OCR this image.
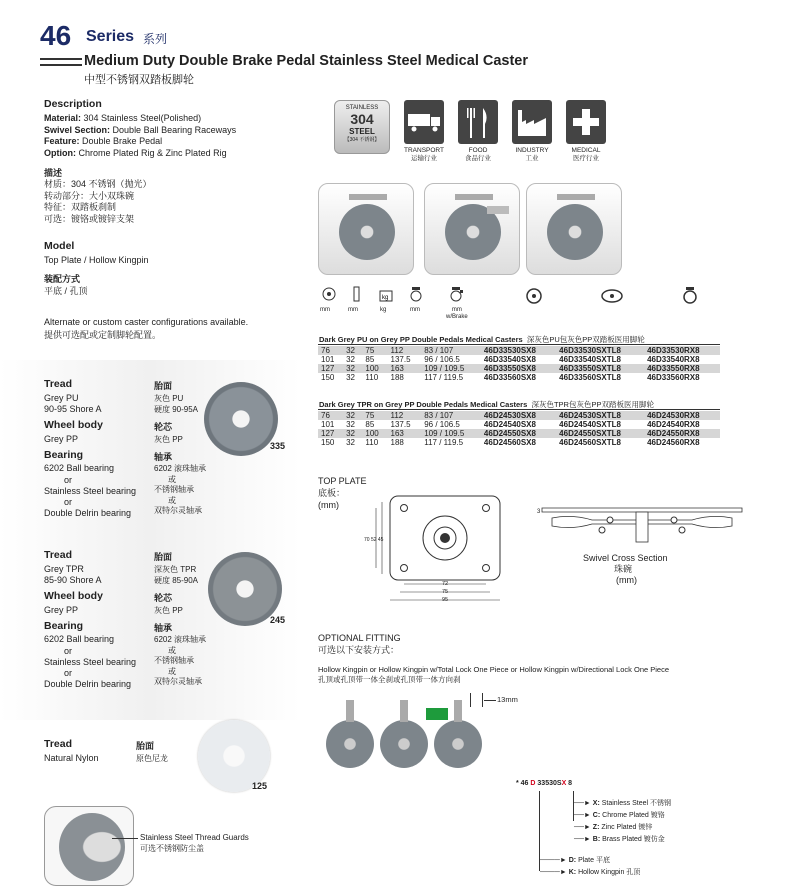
46 Series 系列
Medium Duty Double Brake Pedal Stainless Steel Medical Caster
中型不锈钢双踏板脚轮
Description
Material: 304 Stainless Steel(Polished)
Swivel Section: Double Ball Bearing Raceways
Feature: Double Brake Pedal
Option: Chrome Plated Rig & Zinc Plated Rig
描述
材质：304 不锈钢（抛光）
转动部分：大小双珠碗
特征：双踏板刹制
可选：镀铬或镀锌支架
Model
Top Plate / Hollow Kingpin
装配方式
平底 / 孔顶
Alternate or custom caster configurations available.
提供可选配或定制脚轮配置。
Tread	胎面
Grey PU	灰色 PU
90-95 Shore A	硬度 90-95A
Wheel body	轮芯
Grey PP	灰色 PP
Bearing	轴承
6202 Ball bearing
or
Stainless Steel bearing
or
Double Delrin bearing
6202 滚珠轴承
或
不锈钢轴承
或
双特尔灵轴承
335
Tread	胎面
Grey TPR	深灰色 TPR
85-90 Shore A	硬度 85-90A
Wheel body	轮芯
Grey PP	灰色 PP
Bearing	轴承
6202 Ball bearing
or
Stainless Steel bearing
or
Double Delrin bearing
6202 滚珠轴承
或
不锈钢轴承
或
双特尔灵轴承
245
Tread	胎面
Natural Nylon	原色尼龙
125
Stainless Steel Thread Guards
可选不锈钢防尘盖
STAINLESS
304
STEEL
【304 不锈钢】
TRANSPORT
运输行业
FOOD
食品行业
INDUSTRY
工业
MEDICAL
医疗行业
kg
mm	mm	kg	mm	mm
w/Brake
Dark Grey PU on Grey PP Double Pedals Medical Casters 深灰色PU包灰色PP双踏板医用脚轮
76	32	75	112	83 / 107	46D33530SX8	46D33530SXTL8	46D33530RX8
101	32	85	137.5	96 / 106.5	46D33540SX8	46D33540SXTL8	46D33540RX8
127	32	100	163	109 / 109.5	46D33550SX8	46D33550SXTL8	46D33550RX8
150	32	110	188	117 / 119.5	46D33560SX8	46D33560SXTL8	46D33560RX8
Dark Grey TPR on Grey PP Double Pedals Medical Casters 深灰色TPR包灰色PP双踏板医用脚轮
76	32	75	112	83 / 107	46D24530SX8	46D24530SXTL8	46D24530RX8
101	32	85	137.5	96 / 106.5	46D24540SX8	46D24540SXTL8	46D24540RX8
127	32	100	163	109 / 109.5	46D24550SX8	46D24550SXTL8	46D24550RX8
150	32	110	188	117 / 119.5	46D24560SX8	46D24560SXTL8	46D24560RX8
TOP PLATE
底板：
(mm)
70 52 45
72
75
95
3
Swivel Cross Section
珠碗
(mm)
OPTIONAL FITTING
可选以下安装方式：
Hollow Kingpin or Hollow Kingpin w/Total Lock One Piece or Hollow Kingpin w/Directional Lock One Piece
孔顶或孔顶带一体全刹或孔顶带一体方向刹
13mm
* 46 D 33530SX 8
──► X: Stainless Steel 不锈钢
──► C: Chrome Plated 镀铬
──► Z: Zinc Plated 镀锌
──► B: Brass Plated 镀仿金
────► D: Plate 平底
────► K: Hollow Kingpin 孔顶
